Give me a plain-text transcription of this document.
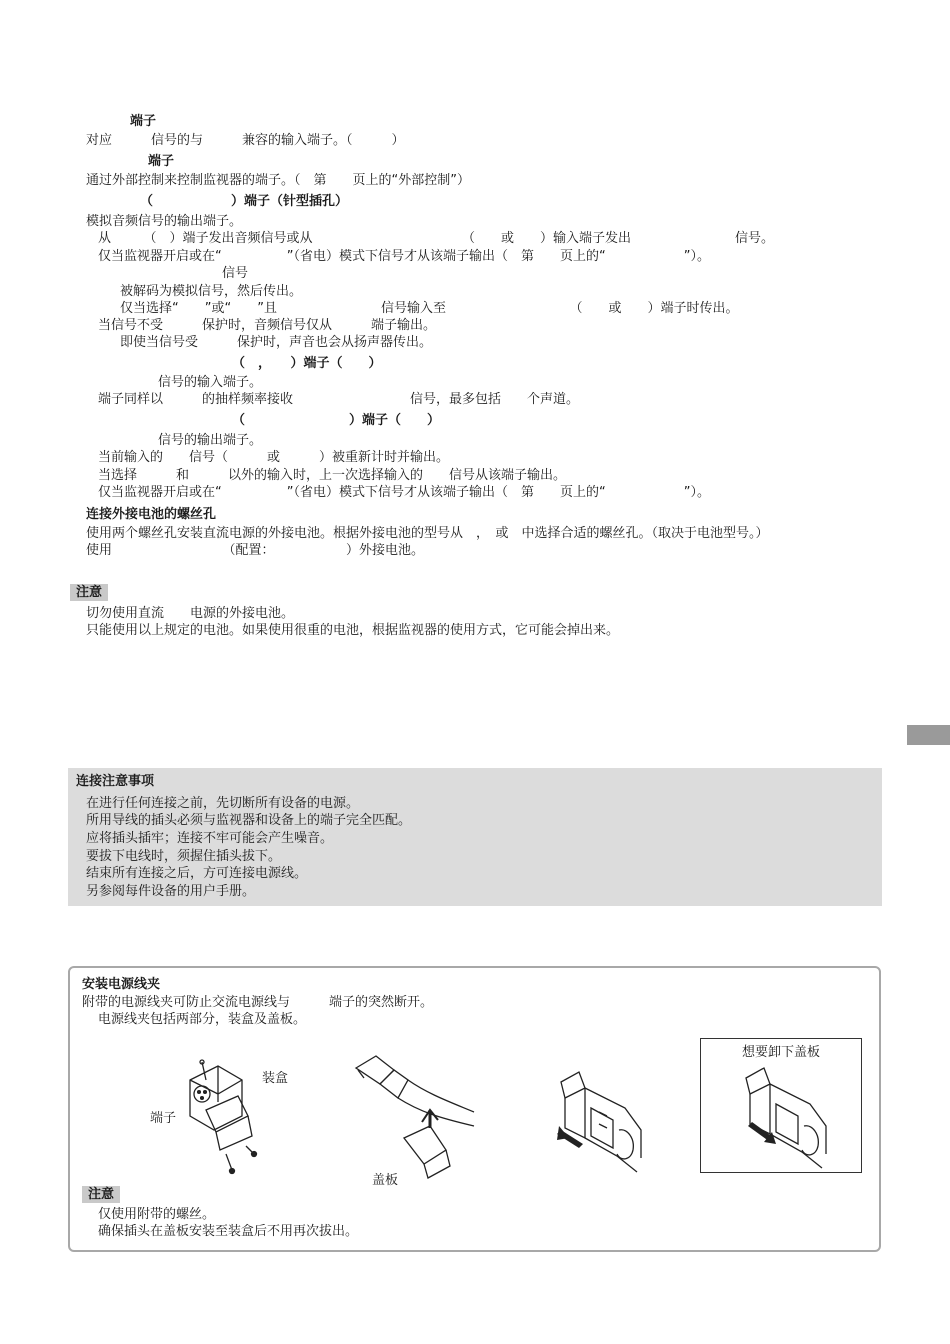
端子
对应　　　信号的与　　　兼容的输入端子。（　　　）
端子
通过外部控制来控制监视器的端子。（　第　　页上的“外部控制”）
（　　　　　　）端子（针型插孔）
模拟音频信号的输出端子。
从　　　（　）端子发出音频信号或从　　　　　　　　　　　　（　　或　　）输入端子发出　　　　　　　　信号。
仅当监视器开启或在“　　　　　”（省电）模式下信号才从该端子输出（　第　　页上的“　　　　　　”）。
信号
被解码为模拟信号，然后传出。
仅当选择“　　”或“　　”且　　　　　　　　信号输入至　　　　　　　　　　（　　或　　）端子时传出。
当信号不受　　　保护时，音频信号仅从　　　端子输出。
即使当信号受　　　保护时，声音也会从扬声器传出。
（　，　　）端子（　　）
信号的输入端子。
端子同样以　　　的抽样频率接收　　　　　　　　　信号，最多包括　　个声道。
（　　　　　　　　）端子（　　）
信号的输出端子。
当前输入的　　信号（　　　或　　　）被重新计时并输出。
当选择　　　和　　　以外的输入时，上一次选择输入的　　信号从该端子输出。
仅当监视器开启或在“　　　　　”（省电）模式下信号才从该端子输出（　第　　页上的“　　　　　　”）。
连接外接电池的螺丝孔
使用两个螺丝孔安装直流电源的外接电池。根据外接电池的型号从　，　或　中选择合适的螺丝孔。（取决于电池型号。）
使用　　　　　　　　　（配置：　　　　　　）外接电池。
注意
切勿使用直流　　电源的外接电池。
只能使用以上规定的电池。如果使用很重的电池，根据监视器的使用方式，它可能会掉出来。
连接注意事项
在进行任何连接之前，先切断所有设备的电源。
所用导线的插头必须与监视器和设备上的端子完全匹配。
应将插头插牢；连接不牢可能会产生噪音。
要拔下电线时，须握住插头拔下。
结束所有连接之后，方可连接电源线。
另参阅每件设备的用户手册。
安装电源线夹
附带的电源线夹可防止交流电源线与　　　端子的突然断开。
电源线夹包括两部分，装盒及盖板。
端子
装盒
盖板
想要卸下盖板
注意
仅使用附带的螺丝。
确保插头在盖板安装至装盒后不用再次拔出。
